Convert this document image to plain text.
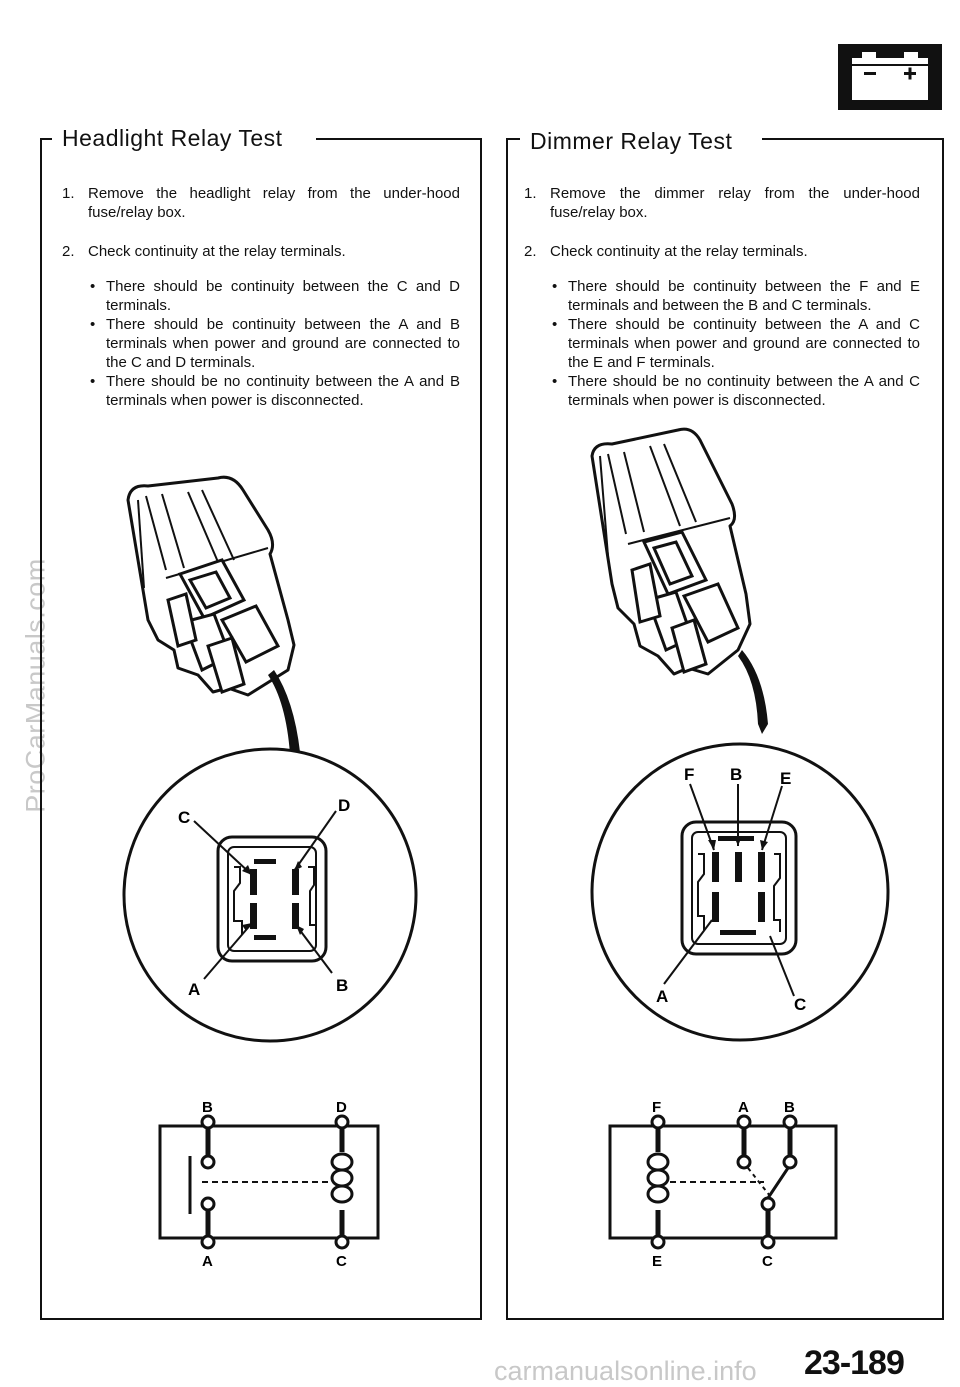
ProCarManuals.com
Headlight Relay Test
1. Remove the headlight relay from the under-hood fuse/relay box.
2. Check continuity at the relay terminals.
• There should be continuity between the C and D terminals.
• There should be continuity between the A and B terminals when power and ground are connected to the C and D terminals.
• There should be no continuity between the A and B terminals when power is disconnected.
C
D
A	B
B	D
A	C
Dimmer Relay Test
1. Remove the dimmer relay from the under-hood fuse/relay box.
2. Check continuity at the relay terminals.
• There should be continuity between the F and E terminals and between the B and C terminals.
• There should be continuity between the A and C terminals when power and ground are connected to the E and F terminals.
• There should be no continuity between the A and C terminals when power is disconnected.
F B E
A	C
F	A B
E	C
carmanualsonline.info 23-189
